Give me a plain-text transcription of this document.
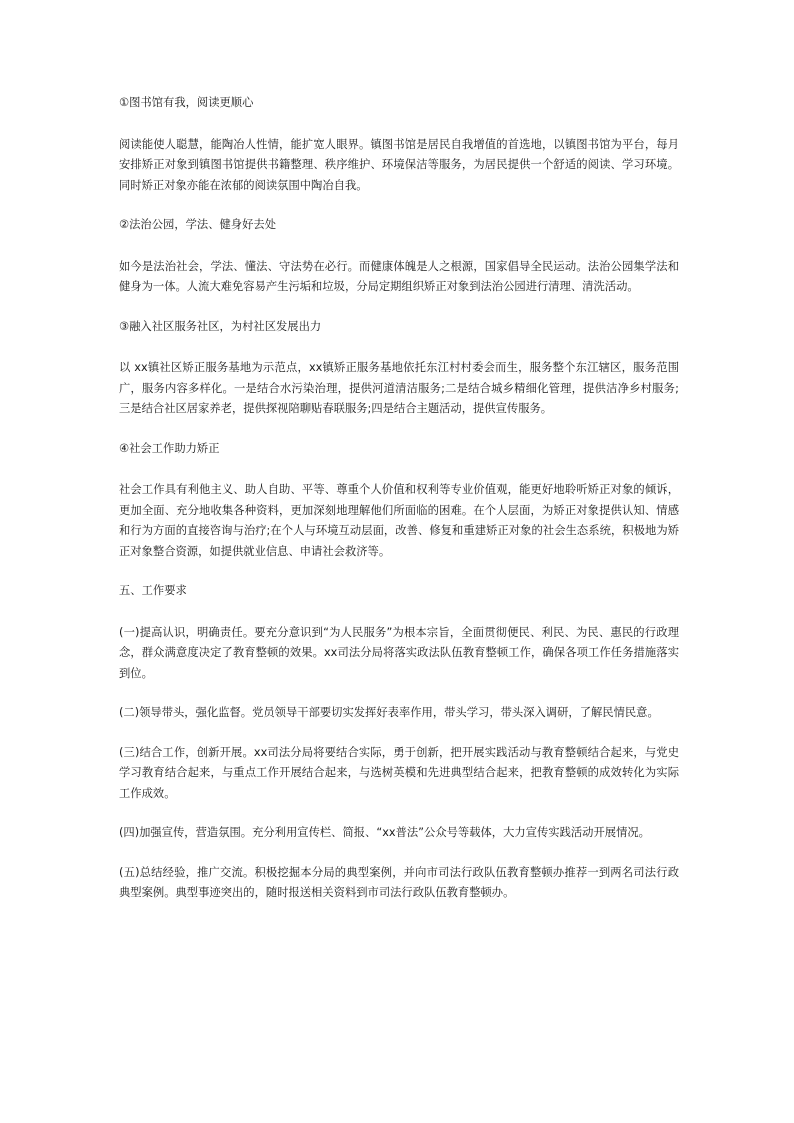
①图书馆有我，阅读更顺心

阅读能使人聪慧，能陶冶人性情，能扩宽人眼界。镇图书馆是居民自我增值的首选地，以镇图书馆为平台，每月安排矫正对象到镇图书馆提供书籍整理、秩序维护、环境保洁等服务，为居民提供一个舒适的阅读、学习环境。同时矫正对象亦能在浓郁的阅读氛围中陶冶自我。

②法治公园，学法、健身好去处

如今是法治社会，学法、懂法、守法势在必行。而健康体魄是人之根源，国家倡导全民运动。法治公园集学法和健身为一体。人流大难免容易产生污垢和垃圾，分局定期组织矫正对象到法治公园进行清理、清洗活动。

③融入社区服务社区，为村社区发展出力

以 xx镇社区矫正服务基地为示范点，xx镇矫正服务基地依托东江村村委会而生，服务整个东江辖区，服务范围广，服务内容多样化。一是结合水污染治理，提供河道清洁服务;二是结合城乡精细化管理，提供洁净乡村服务;三是结合社区居家养老，提供探视陪聊贴春联服务;四是结合主题活动，提供宣传服务。

④社会工作助力矫正

社会工作具有利他主义、助人自助、平等、尊重个人价值和权利等专业价值观，能更好地聆听矫正对象的倾诉，更加全面、充分地收集各种资料，更加深刻地理解他们所面临的困难。在个人层面，为矫正对象提供认知、情感和行为方面的直接咨询与治疗;在个人与环境互动层面，改善、修复和重建矫正对象的社会生态系统，积极地为矫正对象整合资源，如提供就业信息、申请社会救济等。

五、工作要求

(一)提高认识，明确责任。要充分意识到“为人民服务”为根本宗旨，全面贯彻便民、利民、为民、惠民的行政理念，群众满意度决定了教育整顿的效果。xx司法分局将落实政法队伍教育整顿工作，确保各项工作任务措施落实到位。

(二)领导带头，强化监督。党员领导干部要切实发挥好表率作用，带头学习，带头深入调研，了解民情民意。

(三)结合工作，创新开展。xx司法分局将要结合实际，勇于创新，把开展实践活动与教育整顿结合起来，与党史学习教育结合起来，与重点工作开展结合起来，与选树英模和先进典型结合起来，把教育整顿的成效转化为实际工作成效。

(四)加强宣传，营造氛围。充分利用宣传栏、简报、“xx普法”公众号等载体，大力宣传实践活动开展情况。

(五)总结经验，推广交流。积极挖掘本分局的典型案例，并向市司法行政队伍教育整顿办推荐一到两名司法行政典型案例。典型事迹突出的，随时报送相关资料到市司法行政队伍教育整顿办。
